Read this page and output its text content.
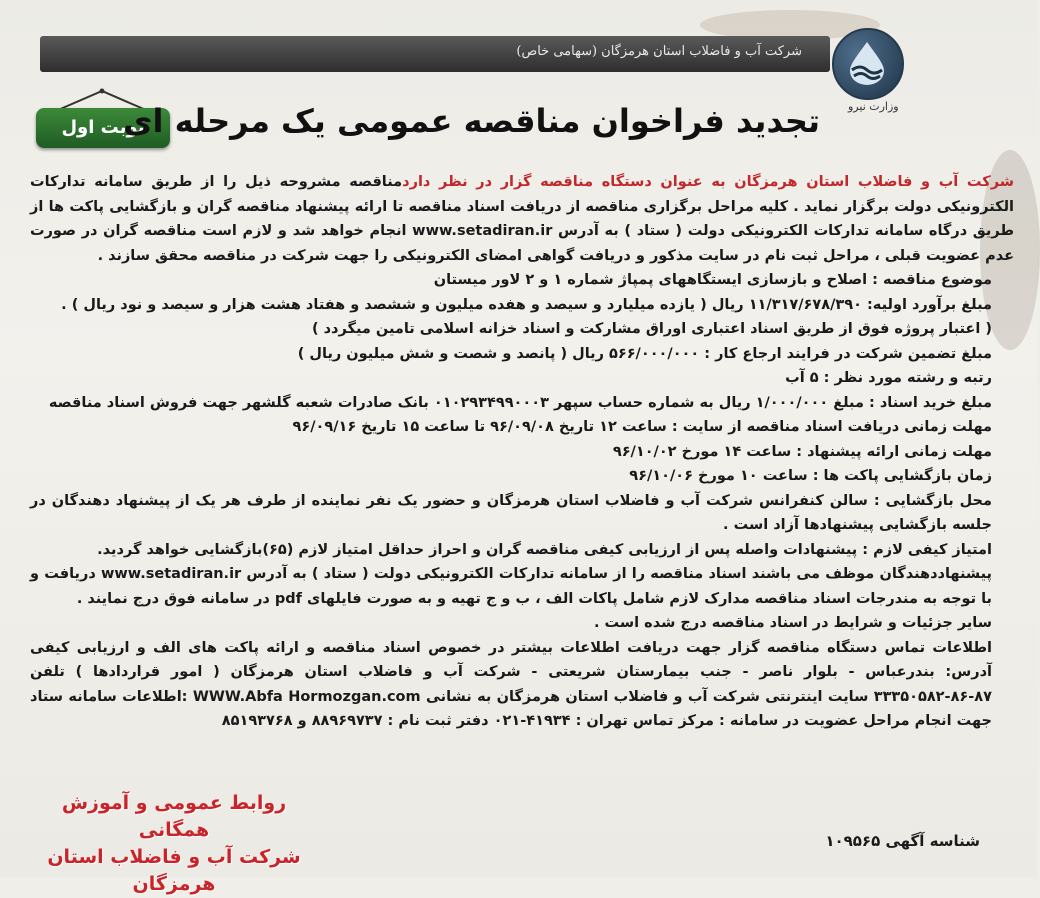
شرکت آب و فاضلاب استان هرمزگان (سهامی خاص)
وزارت نیرو
نوبت اول
تجدید فراخوان مناقصه عمومی یک مرحله ای

شرکت آب و فاضلاب استان هرمزگان به عنوان دستگاه مناقصه گزار در نظر داردمناقصه مشروحه ذیل را از طریق سامانه تدارکات الکترونیکی دولت برگزار نماید . کلیه مراحل برگزاری مناقصه از دریافت اسناد مناقصه تا ارائه پیشنهاد مناقصه گران و بازگشایی پاکت ها از طریق درگاه سامانه تدارکات الکترونیکی دولت ( ستاد ) به آدرس www.setadiran.ir انجام خواهد شد و لازم است مناقصه گران در صورت عدم عضویت قبلی ، مراحل ثبت نام در سایت مذکور و دریافت گواهی امضای الکترونیکی را جهت شرکت در مناقصه محقق سازند .

موضوع مناقصه : اصلاح و بازسازی ایستگاههای پمپاژ شماره ۱ و ۲ لاور میستان

مبلغ برآورد اولیه: ۱۱/۳۱۷/۶۷۸/۳۹۰ ریال ( یازده میلیارد و سیصد و هفده میلیون و ششصد و هفتاد هشت هزار و سیصد و نود ریال ) .

( اعتبار پروژه فوق از طریق اسناد اعتباری اوراق مشارکت و اسناد خزانه اسلامی تامین میگردد )

مبلغ تضمین شرکت در فرایند ارجاع کار : ۵۶۶/۰۰۰/۰۰۰ ریال ( پانصد و شصت و شش میلیون ریال )

رتبه و رشته مورد نظر : ۵ آب

مبلغ خرید اسناد : مبلغ ۱/۰۰۰/۰۰۰ ریال به شماره حساب سپهر ۰۱۰۲۹۳۴۹۹۰۰۰۳ بانک صادرات شعبه گلشهر جهت فروش اسناد مناقصه

مهلت زمانی دریافت اسناد مناقصه از سایت : ساعت ۱۲ تاریخ ۹۶/۰۹/۰۸ تا ساعت ۱۵ تاریخ ۹۶/۰۹/۱۶

مهلت زمانی ارائه پیشنهاد : ساعت ۱۴ مورخ ۹۶/۱۰/۰۲

زمان بازگشایی پاکت ها : ساعت ۱۰ مورخ ۹۶/۱۰/۰۶

محل بازگشایی : سالن کنفرانس شرکت آب و فاضلاب استان هرمزگان و حضور یک نفر نماینده از طرف هر یک از پیشنهاد دهندگان در جلسه بازگشایی پیشنهادها آزاد است .

امتیاز کیفی لازم : پیشنهادات واصله پس از ارزیابی کیفی مناقصه گران و احراز حداقل امتیاز لازم (۶۵)بازگشایی خواهد گردید.

پیشنهاددهندگان موظف می باشند اسناد مناقصه را از سامانه تدارکات الکترونیکی دولت ( ستاد ) به آدرس www.setadiran.ir دریافت و با توجه به مندرجات اسناد مناقصه مدارک لازم شامل پاکات الف ، ب و ج تهیه و به صورت فایلهای pdf در سامانه فوق درج نمایند .

سایر جزئیات و شرایط در اسناد مناقصه درج شده است .

اطلاعات تماس دستگاه مناقصه گزار جهت دریافت اطلاعات بیشتر در خصوص اسناد مناقصه و ارائه پاکت های الف و ارزیابی کیفی آدرس: بندرعباس - بلوار ناصر - جنب بیمارستان شریعتی - شرکت آب و فاضلاب استان هرمزگان ( امور قراردادها ) تلفن ۸۷-۸۶-۳۳۳۵۰۵۸۲ سایت اینترنتی شرکت آب و فاضلاب استان هرمزگان به نشانی WWW.Abfa Hormozgan.com :اطلاعات سامانه ستاد جهت انجام مراحل عضویت در سامانه : مرکز تماس تهران : ۴۱۹۳۴-۰۲۱ دفتر ثبت نام : ۸۸۹۶۹۷۳۷ و ۸۵۱۹۳۷۶۸

روابط عمومی و آموزش همگانی
شرکت آب و فاضلاب استان هرمزگان
شناسه آگهی ۱۰۹۵۶۵
